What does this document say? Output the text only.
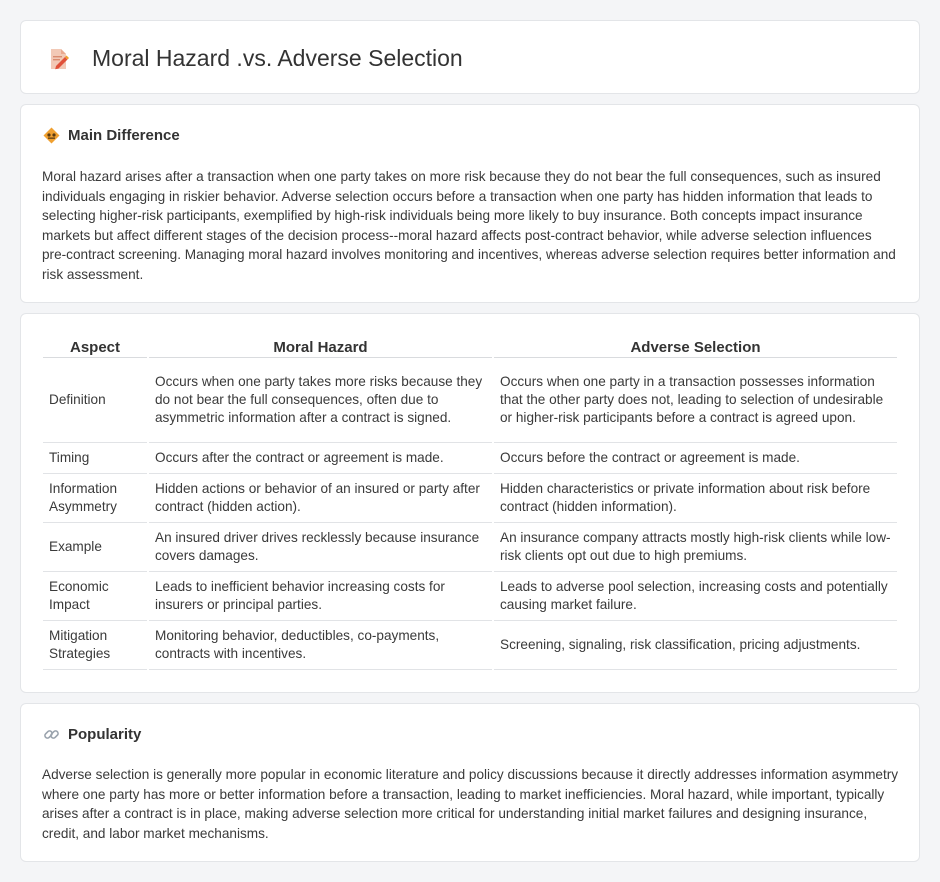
Moral Hazard .vs. Adverse Selection
Main Difference

Moral hazard arises after a transaction when one party takes on more risk because they do not bear the full consequences, such as insured individuals engaging in riskier behavior. Adverse selection occurs before a transaction when one party has hidden information that leads to selecting higher-risk participants, exemplified by high-risk individuals being more likely to buy insurance. Both concepts impact insurance markets but affect different stages of the decision process--moral hazard affects post-contract behavior, while adverse selection influences pre-contract screening. Managing moral hazard involves monitoring and incentives, whereas adverse selection requires better information and risk assessment.

Aspect	Moral Hazard	Adverse Selection
Definition	Occurs when one party takes more risks because they do not bear the full consequences, often due to asymmetric information after a contract is signed.	Occurs when one party in a transaction possesses information that the other party does not, leading to selection of undesirable or higher-risk participants before a contract is agreed upon.
Timing	Occurs after the contract or agreement is made.	Occurs before the contract or agreement is made.
Information Asymmetry	Hidden actions or behavior of an insured or party after contract (hidden action).	Hidden characteristics or private information about risk before contract (hidden information).
Example	An insured driver drives recklessly because insurance covers damages.	An insurance company attracts mostly high-risk clients while low-risk clients opt out due to high premiums.
Economic Impact	Leads to inefficient behavior increasing costs for insurers or principal parties.	Leads to adverse pool selection, increasing costs and potentially causing market failure.
Mitigation Strategies	Monitoring behavior, deductibles, co-payments, contracts with incentives.	Screening, signaling, risk classification, pricing adjustments.
Popularity

Adverse selection is generally more popular in economic literature and policy discussions because it directly addresses information asymmetry where one party has more or better information before a transaction, leading to market inefficiencies. Moral hazard, while important, typically arises after a contract is in place, making adverse selection more critical for understanding initial market failures and designing insurance, credit, and labor market mechanisms.
